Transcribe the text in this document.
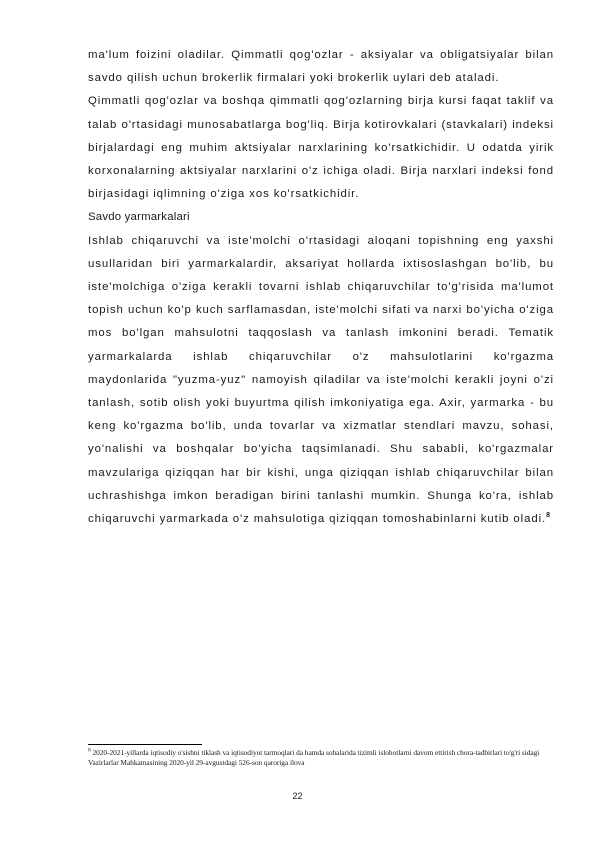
ma'lum foizini oladilar. Qimmatli qog'ozlar - aksiyalar va obligatsiyalar bilan savdo qilish uchun brokerlik firmalari yoki brokerlik uylari deb ataladi.

Qimmatli qog'ozlar va boshqa qimmatli qog'ozlarning birja kursi faqat taklif va talab o'rtasidagi munosabatlarga bog'liq. Birja kotirovkalari (stavkalari) indeksi birjalardagi eng muhim aktsiyalar narxlarining ko'rsatkichidir. U odatda yirik korxonalarning aktsiyalar narxlarini o'z ichiga oladi. Birja narxlari indeksi fond birjasidagi iqlimning o'ziga xos ko'rsatkichidir.

Savdo yarmarkalari

Ishlab chiqaruvchi va iste'molchi o'rtasidagi aloqani topishning eng yaxshi usullaridan biri yarmarkalardir, aksariyat hollarda ixtisoslashgan bo'lib, bu iste'molchiga o'ziga kerakli tovarni ishlab chiqaruvchilar to'g'risida ma'lumot topish uchun ko'p kuch sarflamasdan, iste'molchi sifati va narxi bo'yicha o'ziga mos bo'lgan mahsulotni taqqoslash va tanlash imkonini beradi. Tematik yarmarkalarda ishlab chiqaruvchilar o'z mahsulotlarini ko'rgazma maydonlarida "yuzma-yuz" namoyish qiladilar va iste'molchi kerakli joyni o'zi tanlash, sotib olish yoki buyurtma qilish imkoniyatiga ega. Axir, yarmarka - bu keng ko'rgazma bo'lib, unda tovarlar va xizmatlar stendlari mavzu, sohasi, yo'nalishi va boshqalar bo'yicha taqsimlanadi. Shu sababli, ko'rgazmalar mavzulariga qiziqqan har bir kishi, unga qiziqqan ishlab chiqaruvchilar bilan uchrashishga imkon beradigan birini tanlashi mumkin. Shunga ko'ra, ishlab chiqaruvchi yarmarkada o'z mahsulotiga qiziqqan tomoshabinlarni kutib oladi.$^8$

$^8$ 2020-2021-yillarda iqtisodiy o'sishni tiklash va iqtisodiyot tarmoqlari da hamda sohalarida tizimli islohotlarni davom ettirish chora-tadbirlari to'g'ri sidagi Vazirlarlar Mahkamasining 2020-yil 29-avgustdagi 526-son qaroriga ilova
22
